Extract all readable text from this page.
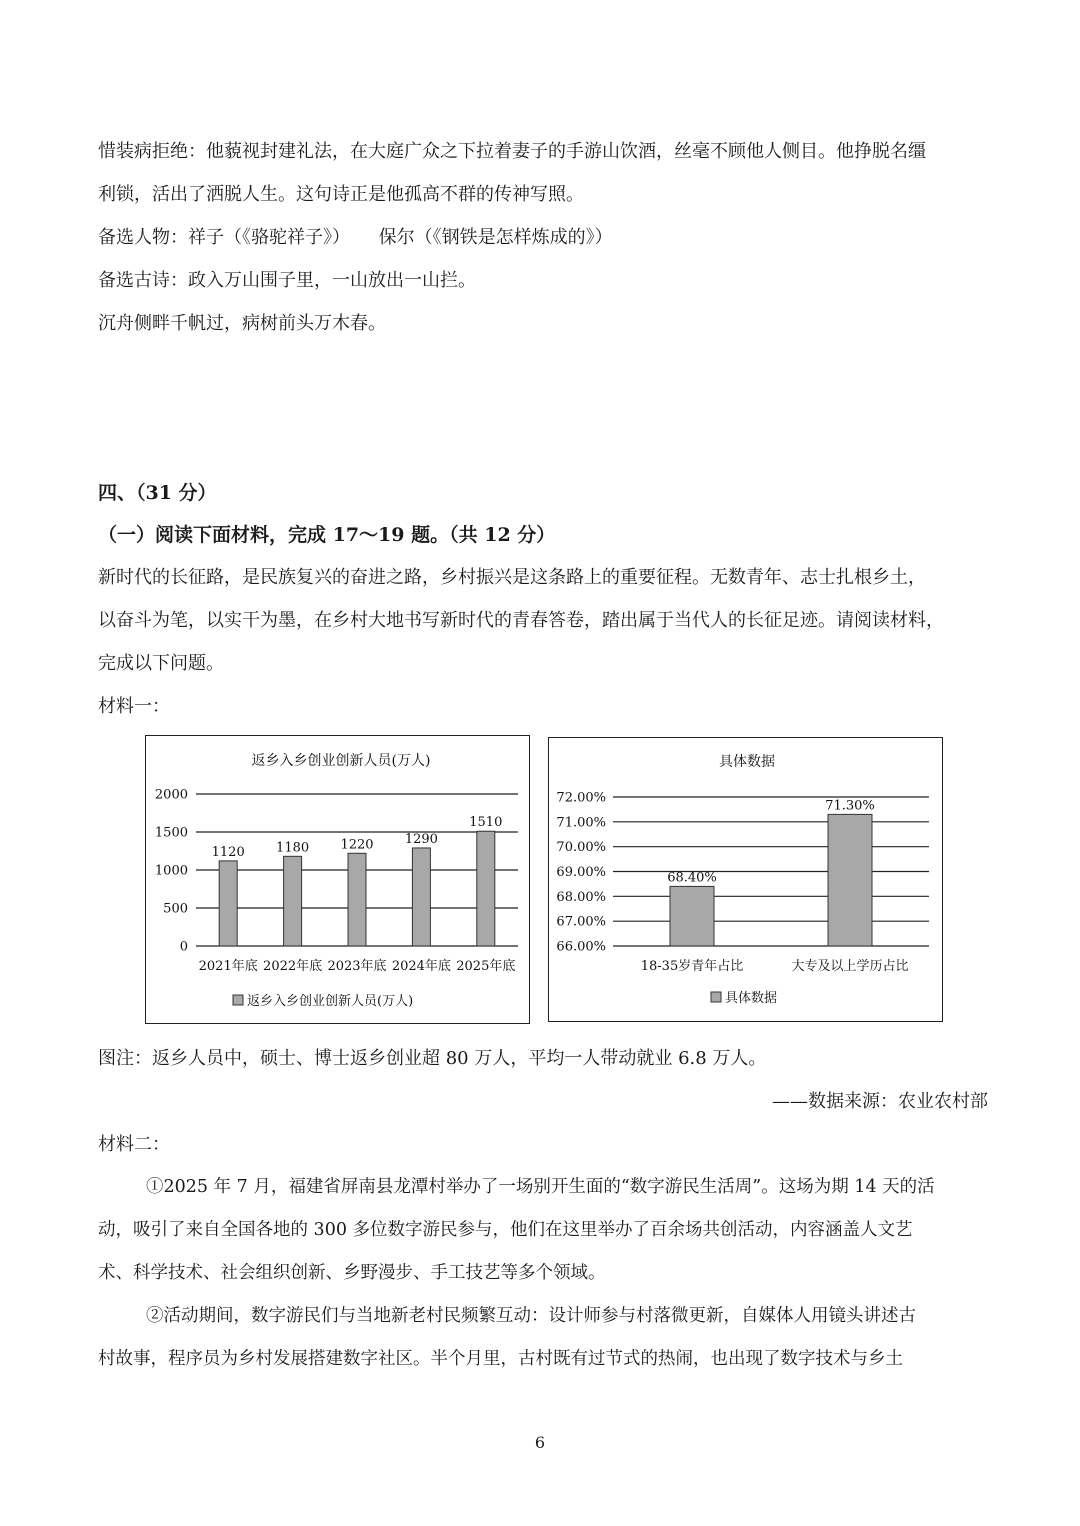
惜装病拒绝：他藐视封建礼法，在大庭广众之下拉着妻子的手游山饮酒，丝毫不顾他人侧目。他挣脱名缰
利锁，活出了洒脱人生。这句诗正是他孤高不群的传神写照。
备选人物：祥子（《骆驼祥子》）     保尔（《钢铁是怎样炼成的》）
备选古诗：政入万山围子里，一山放出一山拦。
沉舟侧畔千帆过，病树前头万木春。
四、（31 分）
（一）阅读下面材料，完成 17～19 题。（共 12 分）
新时代的长征路，是民族复兴的奋进之路，乡村振兴是这条路上的重要征程。无数青年、志士扎根乡土，
以奋斗为笔，以实干为墨，在乡村大地书写新时代的青春答卷，踏出属于当代人的长征足迹。请阅读材料，
完成以下问题。
材料一：
返乡入乡创业创新人员(万人)
0
500
1000
1500
2000
1120
2021年底
1180
2022年底
1220
2023年底
1290
2024年底
1510
2025年底
返乡入乡创业创新人员(万人)
具体数据
66.00%
67.00%
68.00%
69.00%
70.00%
71.00%
72.00%
68.40%
18-35岁青年占比
71.30%
大专及以上学历占比
具体数据
图注：返乡人员中，硕士、博士返乡创业超 80 万人，平均一人带动就业 6.8 万人。
——数据来源：农业农村部
材料二：
①2025 年 7 月，福建省屏南县龙潭村举办了一场别开生面的“数字游民生活周”。这场为期 14 天的活
动，吸引了来自全国各地的 300 多位数字游民参与，他们在这里举办了百余场共创活动，内容涵盖人文艺
术、科学技术、社会组织创新、乡野漫步、手工技艺等多个领域。
②活动期间，数字游民们与当地新老村民频繁互动：设计师参与村落微更新，自媒体人用镜头讲述古
村故事，程序员为乡村发展搭建数字社区。半个月里，古村既有过节式的热闹，也出现了数字技术与乡土
6
